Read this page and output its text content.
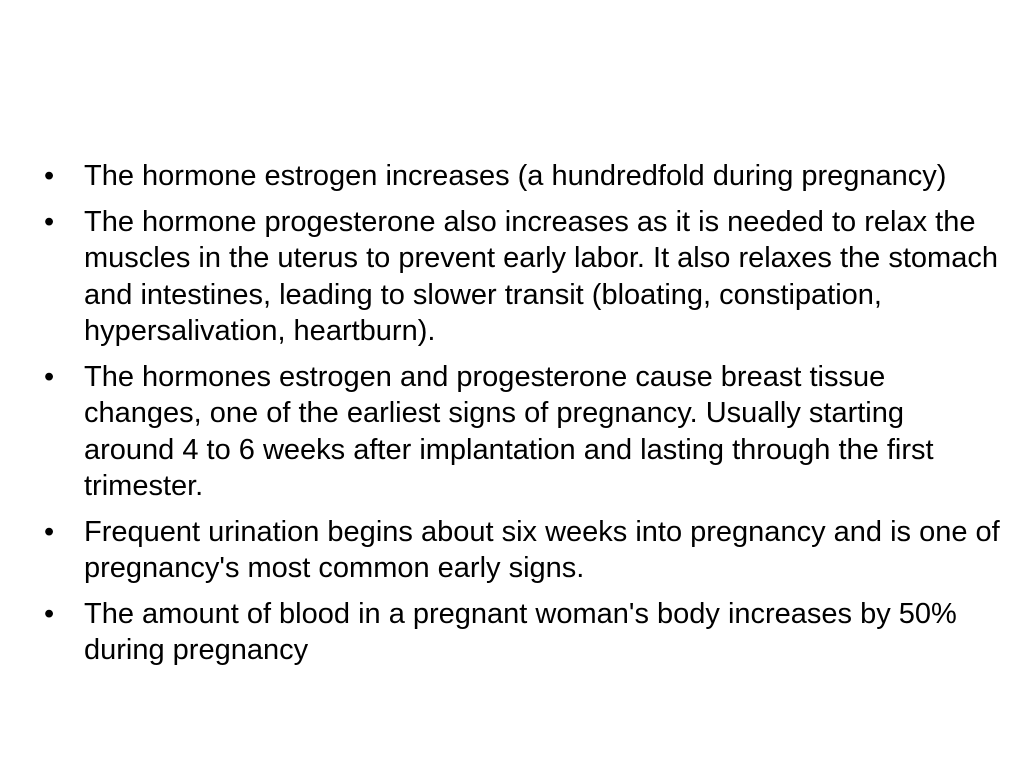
•	The hormone estrogen increases (a hundredfold during pregnancy)
•	The hormone progesterone also increases as it is needed to relax the muscles in the uterus to prevent early labor. It also relaxes the stomach and intestines, leading to slower transit (bloating, constipation, hypersalivation, heartburn).
•	The hormones estrogen and progesterone cause breast tissue changes, one of the earliest signs of pregnancy. Usually starting around 4 to 6 weeks after implantation and lasting through the first trimester.
•	Frequent urination begins about six weeks into pregnancy and is one of pregnancy's most common early signs.
•	The amount of blood in a pregnant woman's body increases by 50% during pregnancy
